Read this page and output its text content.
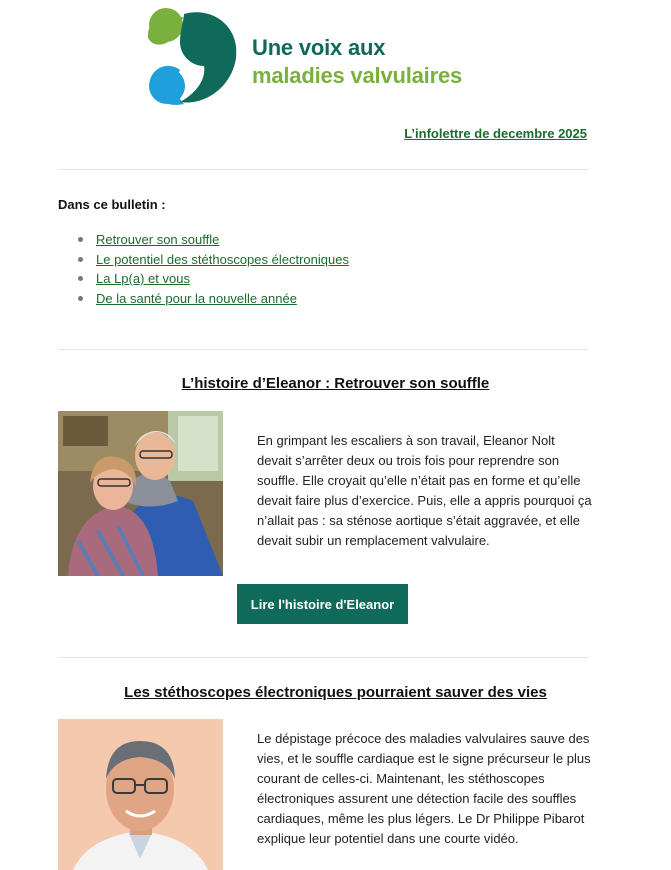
Une voix aux
maladies valvulaires
L’infolettre de decembre 2025
Dans ce bulletin :
Retrouver son souffle
Le potentiel des stéthoscopes électroniques
La Lp(a) et vous
De la santé pour la nouvelle année
L’histoire d’Eleanor : Retrouver son souffle
En grimpant les escaliers à son travail, Eleanor Nolt devait s’arrêter deux ou trois fois pour reprendre son souffle. Elle croyait qu’elle n’était pas en forme et qu’elle devait faire plus d’exercice. Puis, elle a appris pourquoi ça n’allait pas : sa sténose aortique s’était aggravée, et elle devait subir un remplacement valvulaire.
Lire l'histoire d'Eleanor
Les stéthoscopes électroniques pourraient sauver des vies
Le dépistage précoce des maladies valvulaires sauve des vies, et le souffle cardiaque est le signe précurseur le plus courant de celles-ci. Maintenant, les stéthoscopes électroniques assurent une détection facile des souffles cardiaques, même les plus légers. Le Dr Philippe Pibarot explique leur potentiel dans une courte vidéo.
